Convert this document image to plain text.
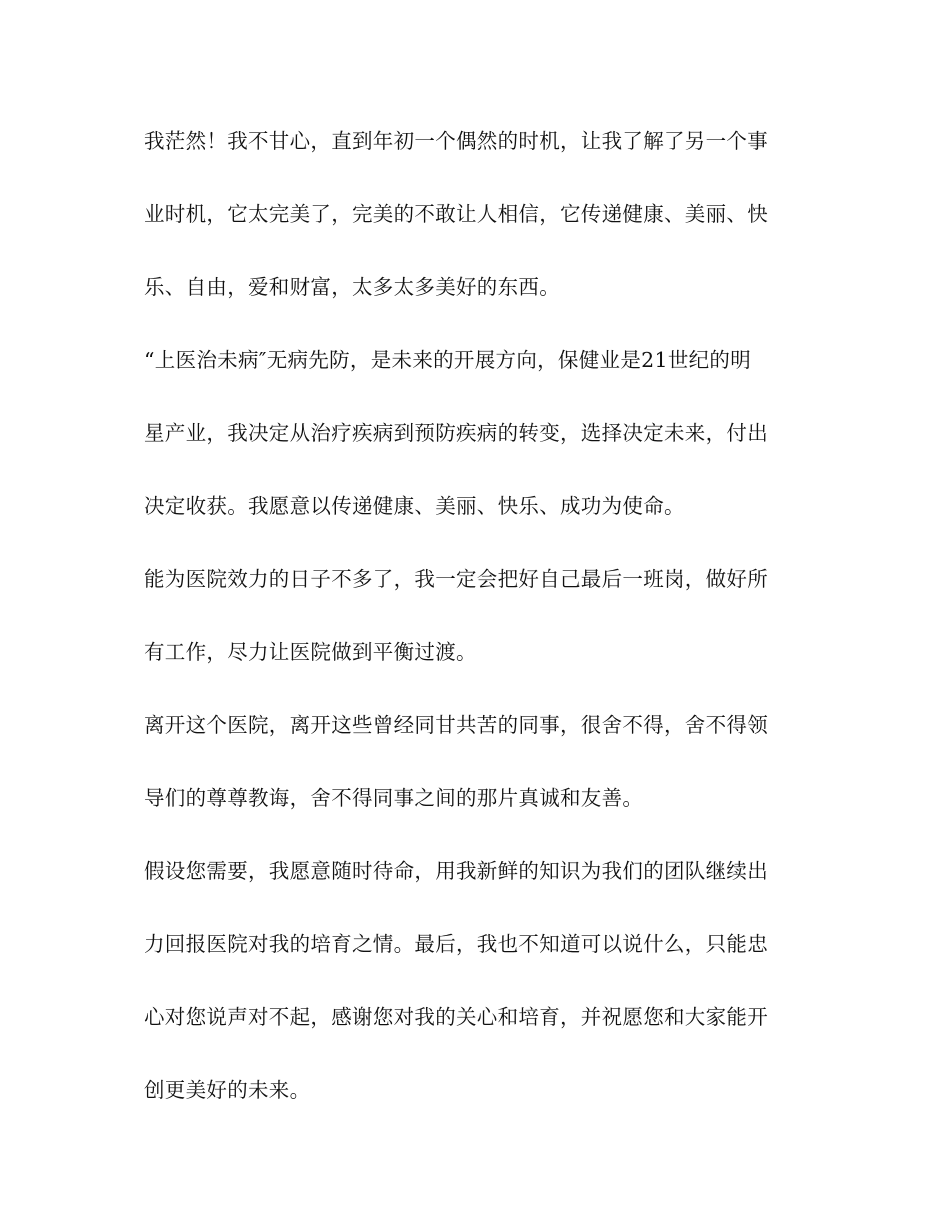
我茫然！我不甘心，直到年初一个偶然的时机，让我了解了另一个事
业时机，它太完美了，完美的不敢让人相信，它传递健康、美丽、快
乐、自由，爱和财富，太多太多美好的东西。
“上医治未病″无病先防，是未来的开展方向，保健业是21世纪的明
星产业，我决定从治疗疾病到预防疾病的转变，选择决定未来，付出
决定收获。我愿意以传递健康、美丽、快乐、成功为使命。
能为医院效力的日子不多了，我一定会把好自己最后一班岗，做好所
有工作，尽力让医院做到平衡过渡。
离开这个医院，离开这些曾经同甘共苦的同事，很舍不得，舍不得领
导们的尊尊教诲，舍不得同事之间的那片真诚和友善。
假设您需要，我愿意随时待命，用我新鲜的知识为我们的团队继续出
力回报医院对我的培育之情。最后，我也不知道可以说什么，只能忠
心对您说声对不起，感谢您对我的关心和培育，并祝愿您和大家能开
创更美好的未来。
